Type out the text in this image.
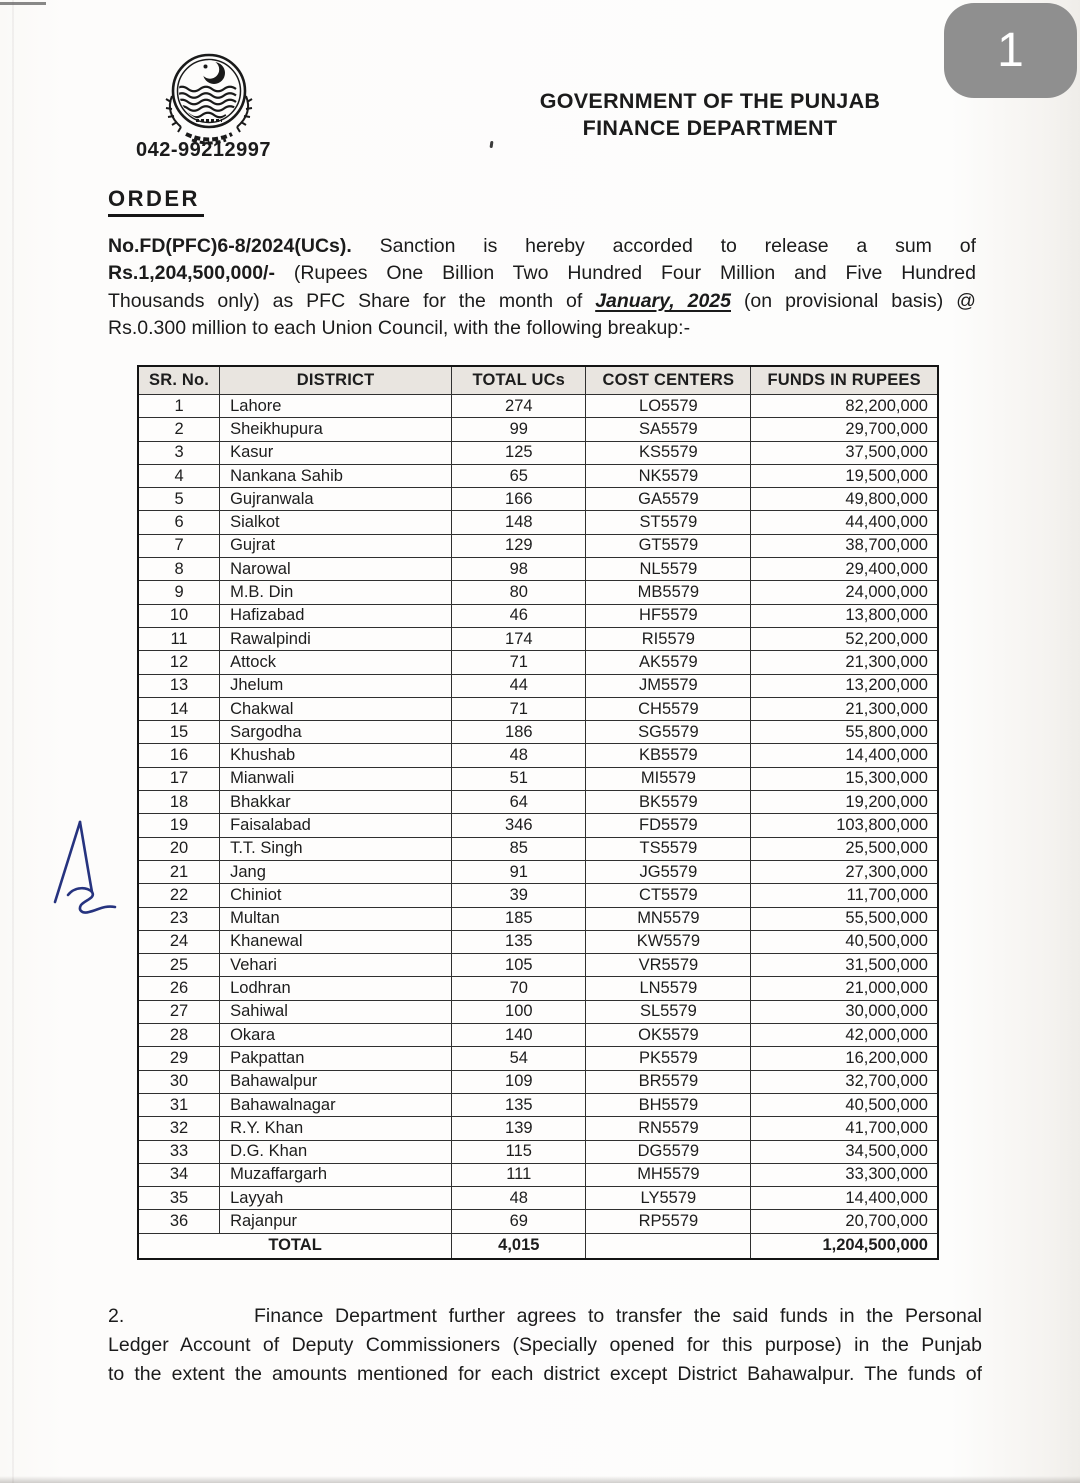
1
042-99212997
GOVERNMENT OF THE PUNJAB
FINANCE DEPARTMENT
ORDER
No.FD(PFC)6-8/2024(UCs). Sanction is hereby accorded to release a sum of
Rs.1,204,500,000/- (Rupees One Billion Two Hundred Four Million and Five Hundred
Thousands only) as PFC Share for the month of January, 2025 (on provisional basis) @
Rs.0.300 million to each Union Council, with the following breakup:-
SR. No.	DISTRICT	TOTAL UCs	COST CENTERS	FUNDS IN RUPEES
1	Lahore	274	LO5579	82,200,000
2	Sheikhupura	99	SA5579	29,700,000
3	Kasur	125	KS5579	37,500,000
4	Nankana Sahib	65	NK5579	19,500,000
5	Gujranwala	166	GA5579	49,800,000
6	Sialkot	148	ST5579	44,400,000
7	Gujrat	129	GT5579	38,700,000
8	Narowal	98	NL5579	29,400,000
9	M.B. Din	80	MB5579	24,000,000
10	Hafizabad	46	HF5579	13,800,000
11	Rawalpindi	174	RI5579	52,200,000
12	Attock	71	AK5579	21,300,000
13	Jhelum	44	JM5579	13,200,000
14	Chakwal	71	CH5579	21,300,000
15	Sargodha	186	SG5579	55,800,000
16	Khushab	48	KB5579	14,400,000
17	Mianwali	51	MI5579	15,300,000
18	Bhakkar	64	BK5579	19,200,000
19	Faisalabad	346	FD5579	103,800,000
20	T.T. Singh	85	TS5579	25,500,000
21	Jang	91	JG5579	27,300,000
22	Chiniot	39	CT5579	11,700,000
23	Multan	185	MN5579	55,500,000
24	Khanewal	135	KW5579	40,500,000
25	Vehari	105	VR5579	31,500,000
26	Lodhran	70	LN5579	21,000,000
27	Sahiwal	100	SL5579	30,000,000
28	Okara	140	OK5579	42,000,000
29	Pakpattan	54	PK5579	16,200,000
30	Bahawalpur	109	BR5579	32,700,000
31	Bahawalnagar	135	BH5579	40,500,000
32	R.Y. Khan	139	RN5579	41,700,000
33	D.G. Khan	115	DG5579	34,500,000
34	Muzaffargarh	111	MH5579	33,300,000
35	Layyah	48	LY5579	14,400,000
36	Rajanpur	69	RP5579	20,700,000
TOTAL		4,015		1,204,500,000
2.	Finance Department further agrees to transfer the said funds in the Personal
Ledger Account of Deputy Commissioners (Specially opened for this purpose) in the Punjab
to the extent the amounts mentioned for each district except District Bahawalpur. The funds of
